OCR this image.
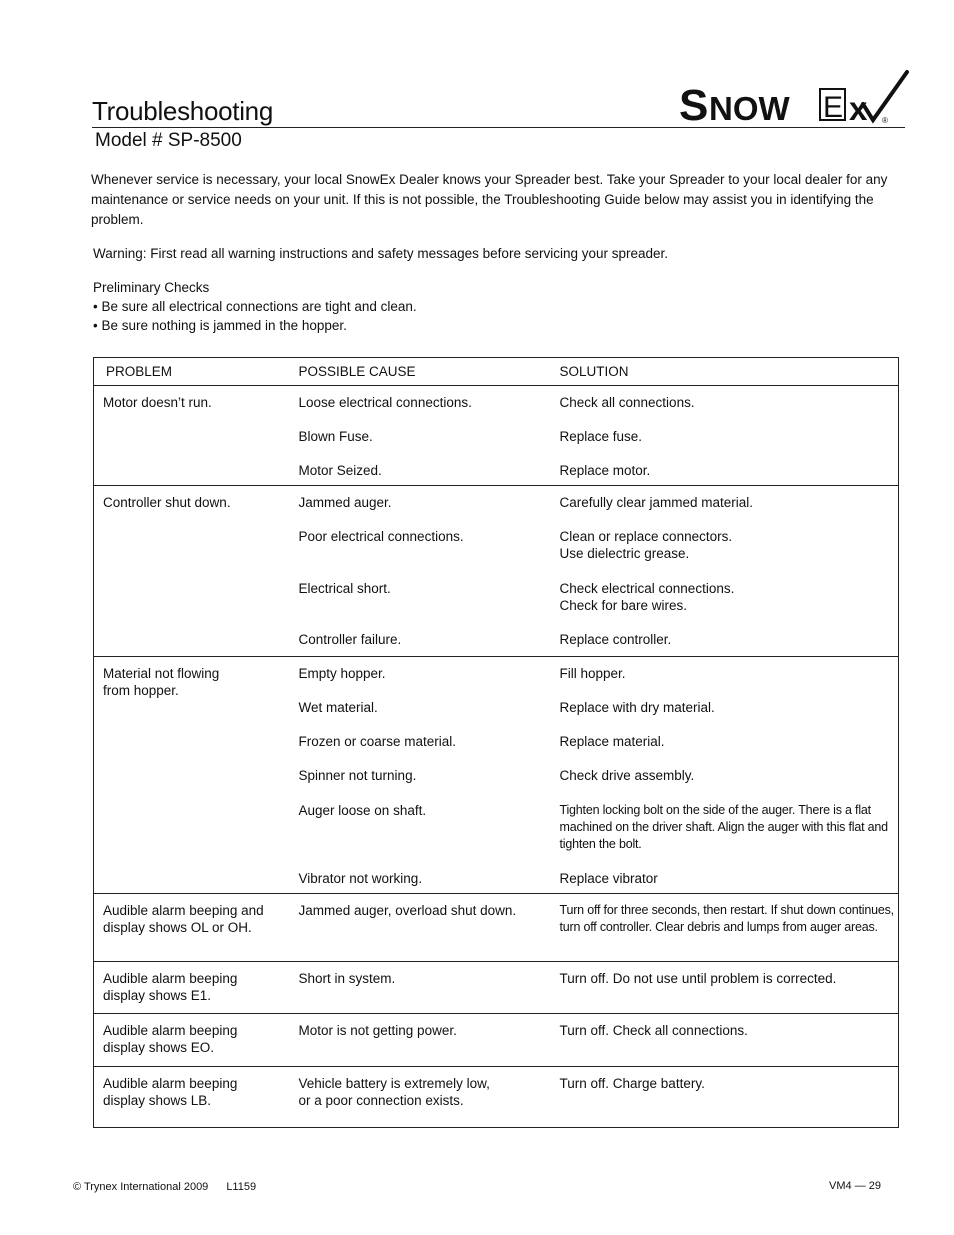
Troubleshooting
Model # SP-8500
S NOW E x ®

Whenever service is necessary, your local SnowEx Dealer knows your Spreader best. Take your Spreader to your local dealer for any maintenance or service needs on your unit. If this is not possible, the Troubleshooting Guide below may assist you in identifying the problem.

Warning: First read all warning instructions and safety messages before servicing your spreader.
Preliminary Checks
• Be sure all electrical connections are tight and clean.
• Be sure nothing is jammed in the hopper.
PROBLEM	POSSIBLE CAUSE	SOLUTION
Motor doesn’t run.	Loose electrical connections.	Check all connections.
	Blown Fuse.	Replace fuse.
	Motor Seized.	Replace motor.
Controller shut down.	Jammed auger.	Carefully clear jammed material.
	Poor electrical connections.	Clean or replace connectors.
Use dielectric grease.
	Electrical short.	Check electrical connections.
Check for bare wires.
	Controller failure.	Replace controller.
Material not flowing
from hopper.	Empty hopper.	Fill hopper.
	Wet material.	Replace with dry material.
	Frozen or coarse material.	Replace material.
	Spinner not turning.	Check drive assembly.
	Auger loose on shaft.	Tighten locking bolt on the side of the auger. There is a flat machined on the driver shaft. Align the auger with this flat and tighten the bolt.
	Vibrator not working.	Replace vibrator
Audible alarm beeping and
display shows OL or OH.	Jammed auger, overload shut down.	Turn off for three seconds, then restart. If shut down continues, turn off controller. Clear debris and lumps from auger areas.
Audible alarm beeping
display shows E1.	Short in system.	Turn off. Do not use until problem is corrected.
Audible alarm beeping
display shows EO.	Motor is not getting power.	Turn off. Check all connections.
Audible alarm beeping
display shows LB.	Vehicle battery is extremely low,
or a poor connection exists.	Turn off. Charge battery.
© Trynex International 2009 L1159	VM4 — 29
